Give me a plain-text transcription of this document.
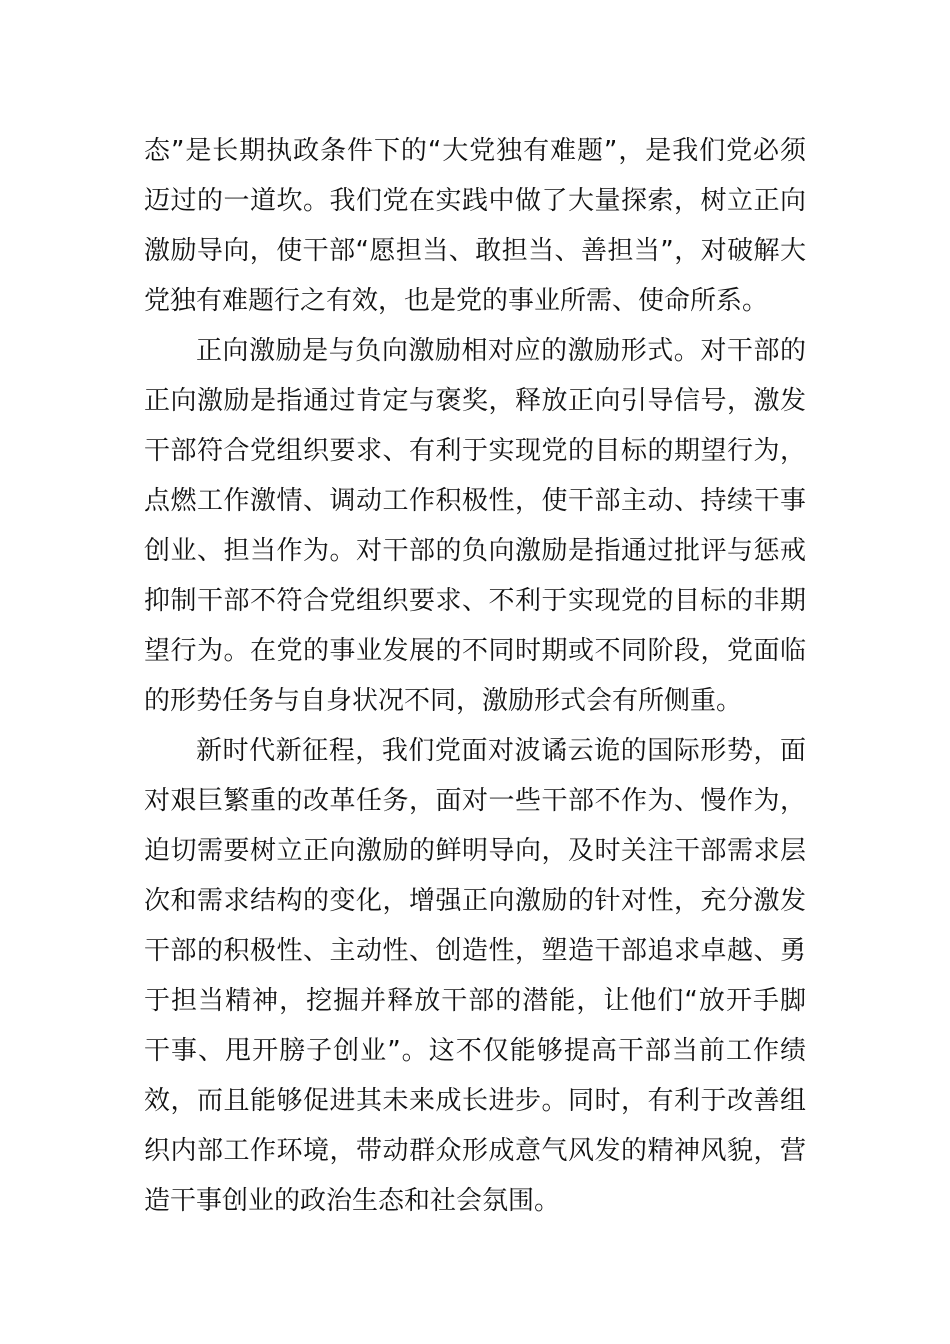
态”是长期执政条件下的“大党独有难题”，是我们党必须迈过的一道坎。我们党在实践中做了大量探索，树立正向激励导向，使干部“愿担当、敢担当、善担当”，对破解大党独有难题行之有效，也是党的事业所需、使命所系。

正向激励是与负向激励相对应的激励形式。对干部的正向激励是指通过肯定与褒奖，释放正向引导信号，激发干部符合党组织要求、有利于实现党的目标的期望行为，点燃工作激情、调动工作积极性，使干部主动、持续干事创业、担当作为。对干部的负向激励是指通过批评与惩戒抑制干部不符合党组织要求、不利于实现党的目标的非期望行为。在党的事业发展的不同时期或不同阶段，党面临的形势任务与自身状况不同，激励形式会有所侧重。

新时代新征程，我们党面对波谲云诡的国际形势，面对艰巨繁重的改革任务，面对一些干部不作为、慢作为，迫切需要树立正向激励的鲜明导向，及时关注干部需求层次和需求结构的变化，增强正向激励的针对性，充分激发干部的积极性、主动性、创造性，塑造干部追求卓越、勇于担当精神，挖掘并释放干部的潜能，让他们“放开手脚干事、甩开膀子创业”。这不仅能够提高干部当前工作绩效，而且能够促进其未来成长进步。同时，有利于改善组织内部工作环境，带动群众形成意气风发的精神风貌，营造干事创业的政治生态和社会氛围。
